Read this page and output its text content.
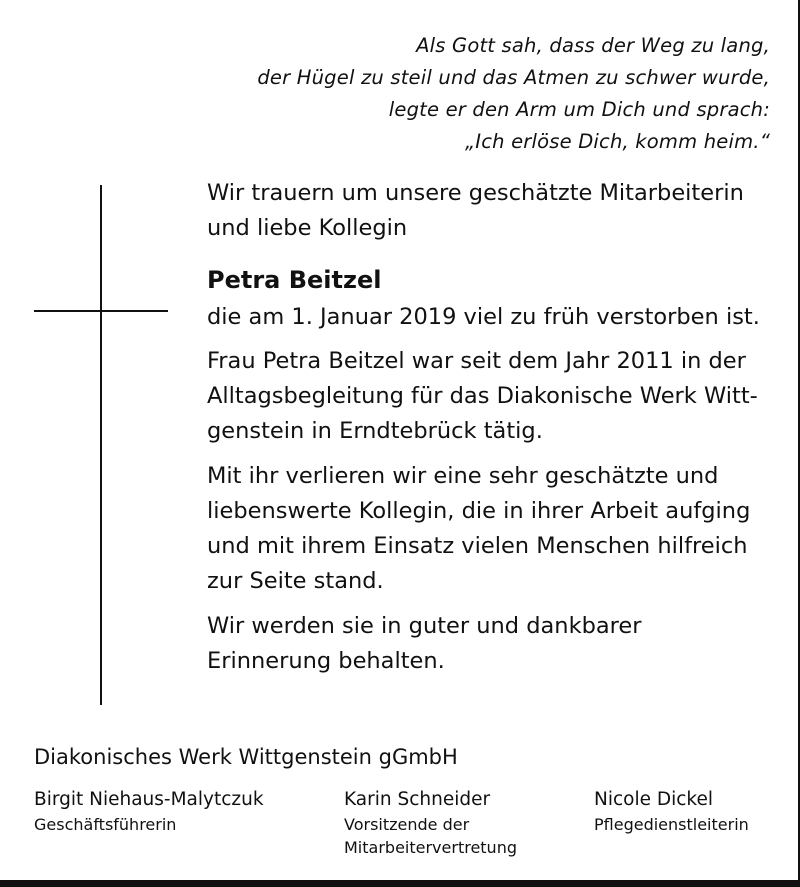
Als Gott sah, dass der Weg zu lang,
der Hügel zu steil und das Atmen zu schwer wurde,
legte er den Arm um Dich und sprach:
„Ich erlöse Dich, komm heim.“

Wir trauern um unsere geschätzte Mitarbeiterin
und liebe Kollegin

Petra Beitzel

die am 1. Januar 2019 viel zu früh verstorben ist.

Frau Petra Beitzel war seit dem Jahr 2011 in der
Alltagsbegleitung für das Diakonische Werk Witt-
genstein in Erndtebrück tätig.

Mit ihr verlieren wir eine sehr geschätzte und
liebenswerte Kollegin, die in ihrer Arbeit aufging
und mit ihrem Einsatz vielen Menschen hilfreich
zur Seite stand.

Wir werden sie in guter und dankbarer
Erinnerung behalten.

Diakonisches Werk Wittgenstein gGmbH
Birgit Niehaus-Malytczuk
Geschäftsführerin
Karin Schneider
Vorsitzende der
Mitarbeitervertretung
Nicole Dickel
Pflegedienstleiterin
